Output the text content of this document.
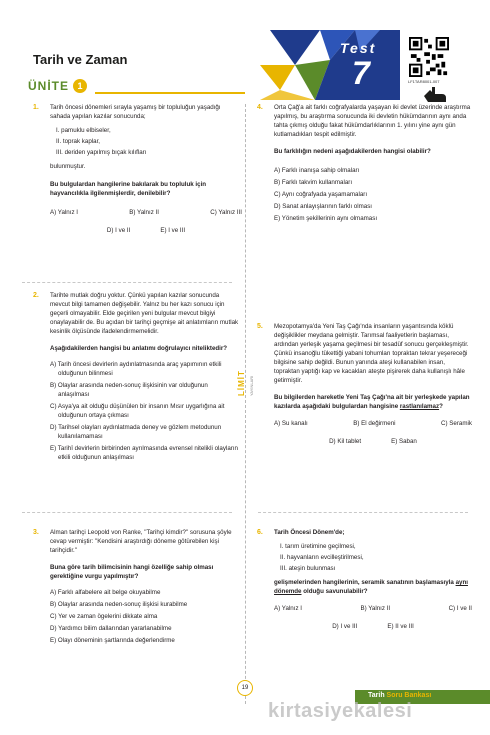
Tarih ve Zaman
ÜNİTE 1
Test
7	LF1TAR8001-007
LİMİT YAYINLARI
1. Tarih öncesi dönemleri sırayla yaşamış bir topluluğun yaşadığı sahada yapılan kazılar sonucunda;

I. pamuklu elbiseler,
II. toprak kaplar,
III. deriden yapılmış bıçak kılıfları

bulunmuştur.

Bu bulgulardan hangilerine bakılarak bu topluluk için hayvancılıkla ilgilenmişlerdir, denilebilir?

A) Yalnız I	B) Yalnız II	C) Yalnız III
D) I ve II	E) I ve III
2. Tarihte mutlak doğru yoktur. Çünkü yapılan kazılar sonucunda mevcut bilgi tamamen değişebilir. Yalnız bu her kazı sonucu için geçerli olmayabilir. Elde geçirilen yeni bulgular mevcut bilgiyi onaylayabilir de. Bu açıdan bir tarihçi geçmişe ait anlatımların mutlak kesinlik ölçüsünde ifadelendirmemelidir.

Aşağıdakilerden hangisi bu anlatımı doğrulayıcı niteliktedir?

A) Tarih öncesi devirlerin aydınlatmasında araç yapımının etkili olduğunun bilinmesi
B) Olaylar arasında neden-sonuç ilişkisinin var olduğunun anlaşılması
C) Asya'ya ait olduğu düşünülen bir insanın Mısır uygarlığına ait olduğunun ortaya çıkması
D) Tarihsel olayları aydınlatmada deney ve gözlem metodunun kullanılamaması
E) Tarihî devirlerin birbirinden ayrılmasında evrensel nitelikli olayların etkili olduğunun anlaşılması
3. Alman tarihçi Leopold von Ranke, "Tarihçi kimdir?" sorusuna şöyle cevap vermiştir: "Kendisini araştırdığı döneme götürebilen kişi tarihçidir."

Buna göre tarih bilimcisinin hangi özelliğe sahip olması gerektiğine vurgu yapılmıştır?

A) Farklı alfabelere ait belge okuyabilme
B) Olaylar arasında neden-sonuç ilişkisi kurabilme
C) Yer ve zaman ögelerini dikkate alma
D) Yardımcı bilim dallarından yararlanabilme
E) Olayı döneminin şartlarında değerlendirme
4. Orta Çağ'a ait farklı coğrafyalarda yaşayan iki devlet üzerinde araştırma yapılmış, bu araştırma sonucunda iki devletin hükümdarının aynı anda tahta çıkmış olduğu fakat hükümdarlıklarının 1. yılını yine aynı gün kutlamadıkları tespit edilmiştir.

Bu farklılığın nedeni aşağıdakilerden hangisi olabilir?

A) Farklı inanışa sahip olmaları
B) Farklı takvim kullanmaları
C) Aynı coğrafyada yaşamamaları
D) Sanat anlayışlarının farklı olması
E) Yönetim şekillerinin aynı olmaması
5. Mezopotamya'da Yeni Taş Çağı'nda insanların yaşantısında köklü değişiklikler meydana gelmiştir. Tarımsal faaliyetlerin başlaması, ardından yerleşik yaşama geçilmesi bir tesadüf sonucu gerçekleşmiştir. Çünkü insanoğlu tükettiği yabani tohumları topraktan tekrar yeşereceği bilgisine sahip değildi. Bunun yanında ateşi kullanabilen insan, topraktan yaptığı kap ve kacakları ateşte pişirerek daha kullanışlı hâle getirmiştir.

Bu bilgilerden hareketle Yeni Taş Çağı'na ait bir yerleşkede yapılan kazılarda aşağıdaki bulgulardan hangisine rastlanılamaz?

A) Su kanalı	B) El değirmeni	C) Seramik
D) Kil tablet	E) Saban
6. Tarih Öncesi Dönem'de;

I. tarım üretimine geçilmesi,
II. hayvanların evcilleştirilmesi,
III. ateşin bulunması

gelişmelerinden hangilerinin, seramik sanatının başlamasıyla aynı dönemde olduğu savunulabilir?

A) Yalnız I	B) Yalnız II	C) I ve II
D) I ve III	E) II ve III
19
Tarih Soru Bankası
kirtasiyekalesi
